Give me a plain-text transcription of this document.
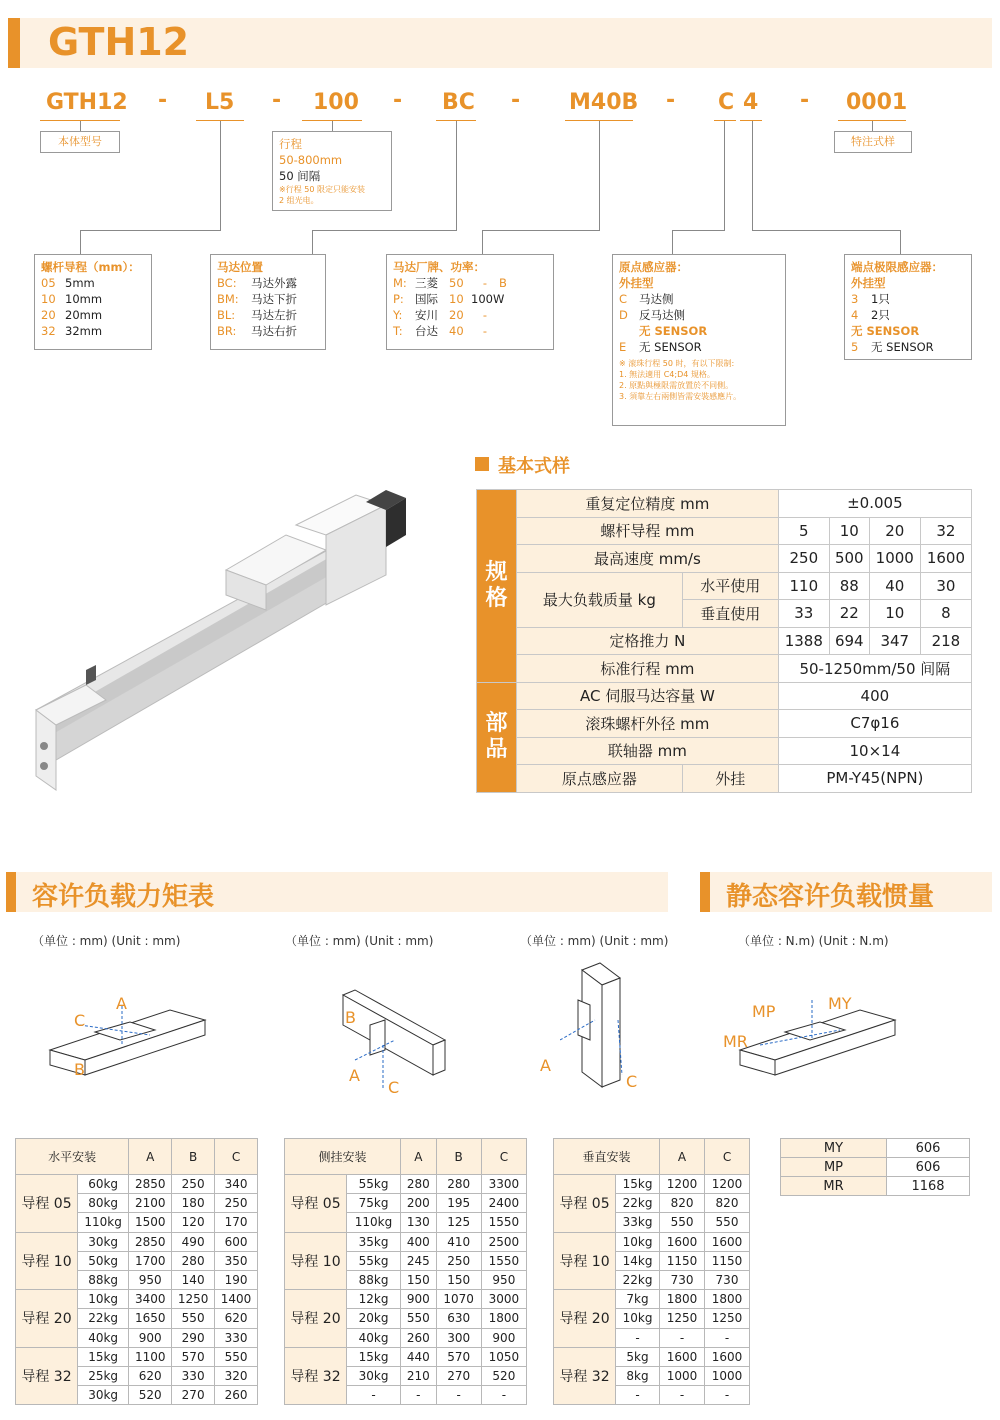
GTH12
GTH12 - L5 - 100 - BC - M40B - C 4 - 0001
本体型号	特注式样
行程
50-800mm
50 间隔
※行程 50 限定只能安装
2 组光电。
螺杆导程（mm）：
05 5mm
10 10mm
20 20mm
32 32mm
马达位置
BC:	马达外露
BM:	马达下折
BL:	马达左折
BR:	马达右折
马达厂牌、功率：
M: 三菱 50	-	B
P: 国际 10 100W
Y:	安川 20	-
T:	台达 40	-
原点感应器：
外挂型
C	马达侧
D 反马达侧
无 SENSOR
E	无 SENSOR
※ 滚珠行程 50 时，有以下限制:
1. 無法適用 C4;D4 規格。
2. 原點與極限需放置於不同側。
3. 須靠左右兩側皆需安裝感應片。
端点极限感应器：
外挂型
3	1只
4	2只
无 SENSOR
5	无 SENSOR
基本式样
规格	重复定位精度 mm		±0.005			
	螺杆导程 mm		5	10	20	32
	最高速度 mm/s		250	500	1000	1600
	最大负载质量 kg	水平使用	110	88	40	30
		垂直使用	33	22	10	8
	定格推力 N		1388	694	347	218
	标准行程 mm		50-1250mm/50 间隔			
部品	AC 伺服马达容量 W		400			
	滚珠螺杆外径 mm		C7φ16			
	联轴器 mm		10×14			
	原点感应器	外挂	PM-Y45(NPN)			
容许负载力矩表	静态容许负载惯量
（单位 : mm) (Unit : mm)	（单位 : mm) (Unit : mm)	（单位 : mm) (Unit : mm)	（单位 : N.m) (Unit : N.m)
A
B
C	B
A
C
A
C
MP	MY
MR
水平安装		A	B	C
导程 05	60kg	2850	250	340
	80kg	2100	180	250
	110kg	1500	120	170
导程 10	30kg	2850	490	600
	50kg	1700	280	350
	88kg	950	140	190
导程 20	10kg	3400	1250	1400
	22kg	1650	550	620
	40kg	900	290	330
导程 32	15kg	1100	570	550
	25kg	620	330	320
	30kg	520	270	260
侧挂安装		A	B	C
导程 05	55kg	280	280	3300
	75kg	200	195	2400
	110kg	130	125	1550
导程 10	35kg	400	410	2500
	55kg	245	250	1550
	88kg	150	150	950
导程 20	12kg	900	1070	3000
	20kg	550	630	1800
	40kg	260	300	900
导程 32	15kg	440	570	1050
	30kg	210	270	520
	-	-	-	-
垂直安装		A	C
导程 05	15kg	1200	1200
	22kg	820	820
	33kg	550	550
导程 10	10kg	1600	1600
	14kg	1150	1150
	22kg	730	730
导程 20	7kg	1800	1800
	10kg	1250	1250
	-	-	-
导程 32	5kg	1600	1600
	8kg	1000	1000
	-	-	-
MY	606
MP	606
MR	1168
